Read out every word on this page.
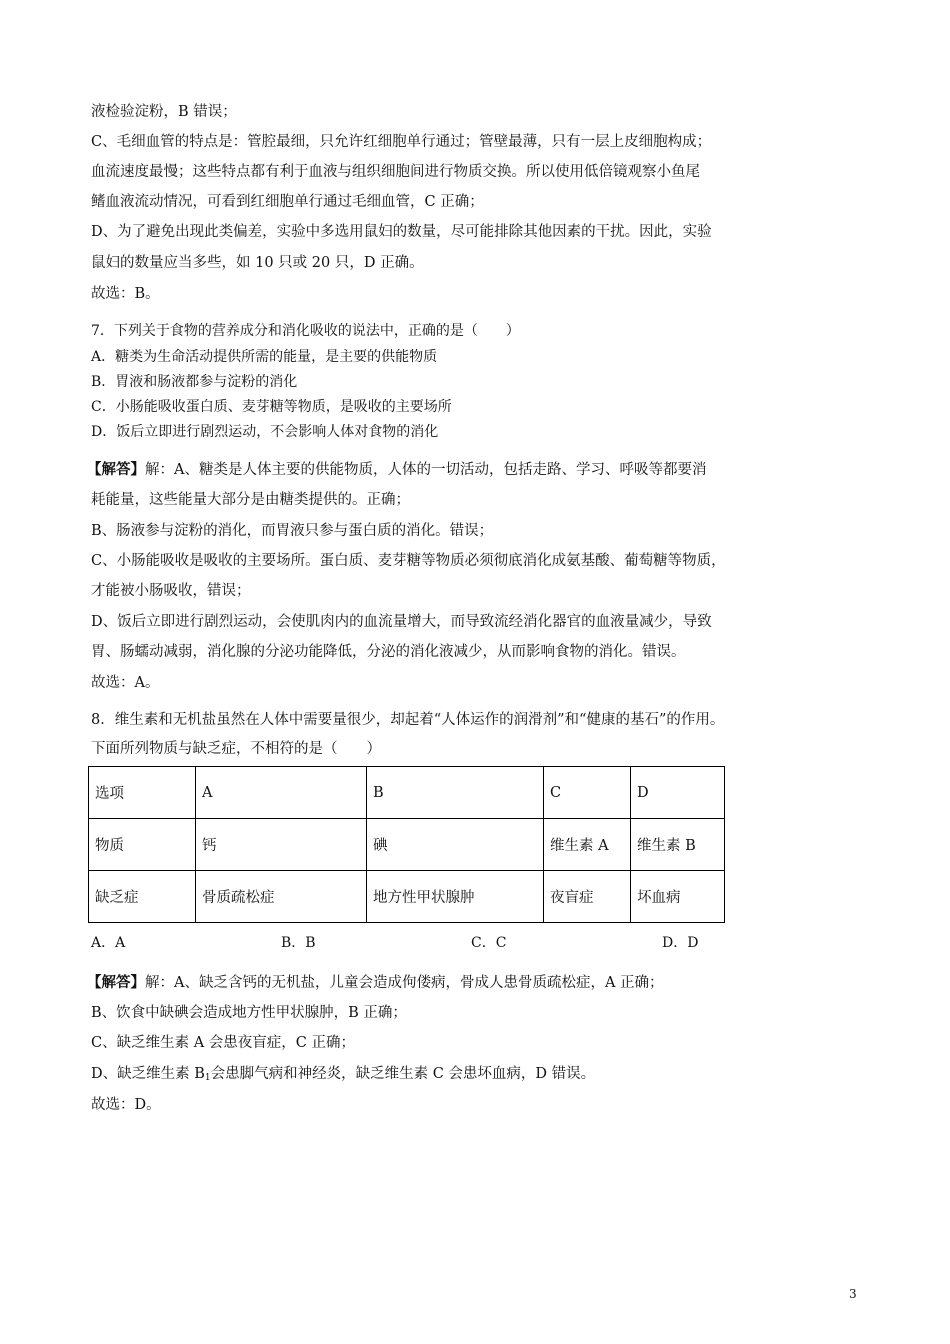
液检验淀粉，B 错误；
C、毛细血管的特点是：管腔最细，只允许红细胞单行通过；管壁最薄，只有一层上皮细胞构成；
血流速度最慢；这些特点都有利于血液与组织细胞间进行物质交换。所以使用低倍镜观察小鱼尾
鳍血液流动情况，可看到红细胞单行通过毛细血管，C 正确；
D、为了避免出现此类偏差，实验中多选用鼠妇的数量，尽可能排除其他因素的干扰。因此，实验
鼠妇的数量应当多些，如 10 只或 20 只，D 正确。
故选：B。
7．下列关于食物的营养成分和消化吸收的说法中，正确的是（　　）
A．糖类为生命活动提供所需的能量，是主要的供能物质
B．胃液和肠液都参与淀粉的消化
C．小肠能吸收蛋白质、麦芽糖等物质，是吸收的主要场所
D．饭后立即进行剧烈运动，不会影响人体对食物的消化
【解答】解：A、糖类是人体主要的供能物质，人体的一切活动，包括走路、学习、呼吸等都要消
耗能量，这些能量大部分是由糖类提供的。正确；
B、肠液参与淀粉的消化，而胃液只参与蛋白质的消化。错误；
C、小肠能吸收是吸收的主要场所。蛋白质、麦芽糖等物质必须彻底消化成氨基酸、葡萄糖等物质，
才能被小肠吸收，错误；
D、饭后立即进行剧烈运动，会使肌肉内的血流量增大，而导致流经消化器官的血液量减少，导致
胃、肠蠕动减弱，消化腺的分泌功能降低，分泌的消化液减少，从而影响食物的消化。错误。
故选：A。
8．维生素和无机盐虽然在人体中需要量很少，却起着“人体运作的润滑剂”和“健康的基石”的作用。
下面所列物质与缺乏症，不相符的是（　　）
选项	A	B	C	D
物质	钙	碘	维生素 A	维生素 B
缺乏症	骨质疏松症	地方性甲状腺肿	夜盲症	坏血病
A．A	B．B	C．C	D．D
【解答】解：A、缺乏含钙的无机盐，儿童会造成佝偻病，骨成人患骨质疏松症，A 正确；
B、饮食中缺碘会造成地方性甲状腺肿，B 正确；
C、缺乏维生素 A 会患夜盲症，C 正确；
D、缺乏维生素 $B_1$会患脚气病和神经炎，缺乏维生素 C 会患坏血病，D 错误。
故选：D。
3
